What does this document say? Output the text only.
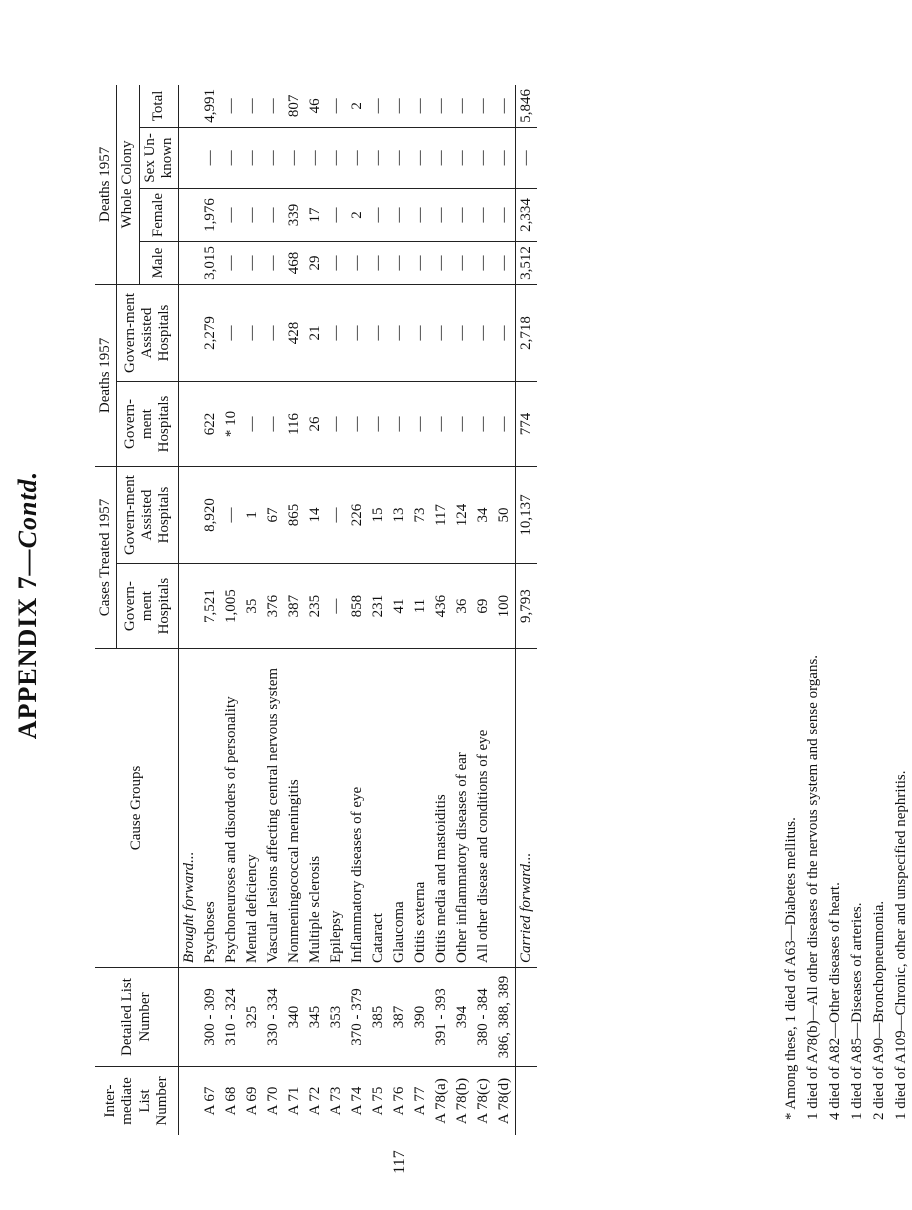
APPENDIX 7—Contd.
Inter-mediate List Number	Detailed List Number	Cause Groups	Cases Treated 1957		Deaths 1957		Deaths 1957			
			Govern-ment Hospitals	Govern-ment Assisted Hospitals	Govern-ment Hospitals	Govern-ment Assisted Hospitals	Whole Colony			
							Male	Female	Sex Un-known	Total
		Brought forward...								
A 67	300 - 309	Psychoses	7,521	8,920	622	2,279	3,015	1,976	—	4,991
A 68	310 - 324	Psychoneuroses and disorders of personality	1,005	—	* 10	—	—	—	—	—
A 69	325	Mental deficiency	35	1	—	—	—	—	—	—
A 70	330 - 334	Vascular lesions affecting central nervous system	376	67	—	—	—	—	—	—
A 71	340	Nonmeningococcal meningitis	387	865	116	428	468	339	—	807
A 72	345	Multiple sclerosis	235	14	26	21	29	17	—	46
A 73	353	Epilepsy	—	—	—	—	—	—	—	—
A 74	370 - 379	Inflammatory diseases of eye	858	226	—	—	—	2	—	2
A 75	385	Cataract	231	15	—	—	—	—	—	—
A 76	387	Glaucoma	41	13	—	—	—	—	—	—
A 77	390	Otitis externa	11	73	—	—	—	—	—	—
A 78(a)	391 - 393	Otitis media and mastoiditis	436	117	—	—	—	—	—	—
A 78(b)	394	Other inflammatory diseases of ear	36	124	—	—	—	—	—	—
A 78(c)	380 - 384	All other disease and conditions of eye	69	34	—	—	—	—	—	—
A 78(d)	386, 388, 389		100	50	—	—	—	—	—	—
		Carried forward...	9,793	10,137	774	2,718	3,512	2,334	—	5,846
* Among these, 1 died of A63—Diabetes mellitus. 1 died of A78(b)—All other diseases of the nervous system and sense organs. 4 died of A82—Other diseases of heart. 1 died of A85—Diseases of arteries. 2 died of A90—Bronchopneumonia. 1 died of A109—Chronic, other and unspecified nephritis.
117
